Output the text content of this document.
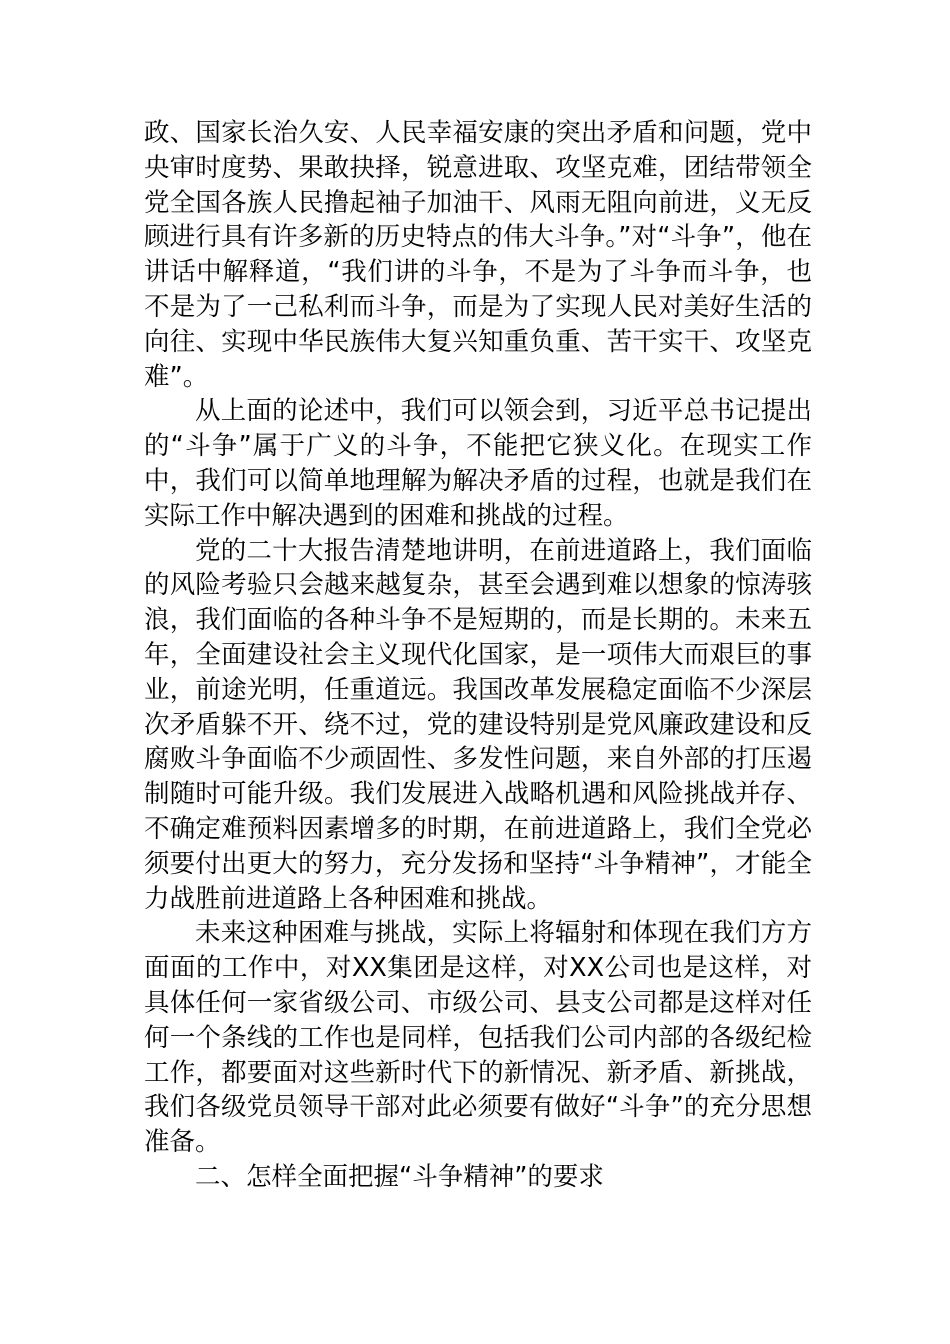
政、国家长治久安、人民幸福安康的突出矛盾和问题，党中央审时度势、果敢抉择，锐意进取、攻坚克难，团结带领全党全国各族人民撸起袖子加油干、风雨无阻向前进，义无反顾进行具有许多新的历史特点的伟大斗争。”对“斗争”，他在讲话中解释道，“我们讲的斗争，不是为了斗争而斗争，也不是为了一己私利而斗争，而是为了实现人民对美好生活的向往、实现中华民族伟大复兴知重负重、苦干实干、攻坚克难”。

从上面的论述中，我们可以领会到，习近平总书记提出的“斗争”属于广义的斗争，不能把它狭义化。在现实工作中，我们可以简单地理解为解决矛盾的过程，也就是我们在实际工作中解决遇到的困难和挑战的过程。

党的二十大报告清楚地讲明，在前进道路上，我们面临的风险考验只会越来越复杂，甚至会遇到难以想象的惊涛骇浪，我们面临的各种斗争不是短期的，而是长期的。未来五年，全面建设社会主义现代化国家，是一项伟大而艰巨的事业，前途光明，任重道远。我国改革发展稳定面临不少深层次矛盾躲不开、绕不过，党的建设特别是党风廉政建设和反腐败斗争面临不少顽固性、多发性问题，来自外部的打压遏制随时可能升级。我们发展进入战略机遇和风险挑战并存、不确定难预料因素增多的时期，在前进道路上，我们全党必须要付出更大的努力，充分发扬和坚持“斗争精神”，才能全力战胜前进道路上各种困难和挑战。

未来这种困难与挑战，实际上将辐射和体现在我们方方面面的工作中，对XX集团是这样，对XX公司也是这样，对具体任何一家省级公司、市级公司、县支公司都是这样对任何一个条线的工作也是同样，包括我们公司内部的各级纪检工作，都要面对这些新时代下的新情况、新矛盾、新挑战，我们各级党员领导干部对此必须要有做好“斗争”的充分思想准备。

二、怎样全面把握“斗争精神”的要求
